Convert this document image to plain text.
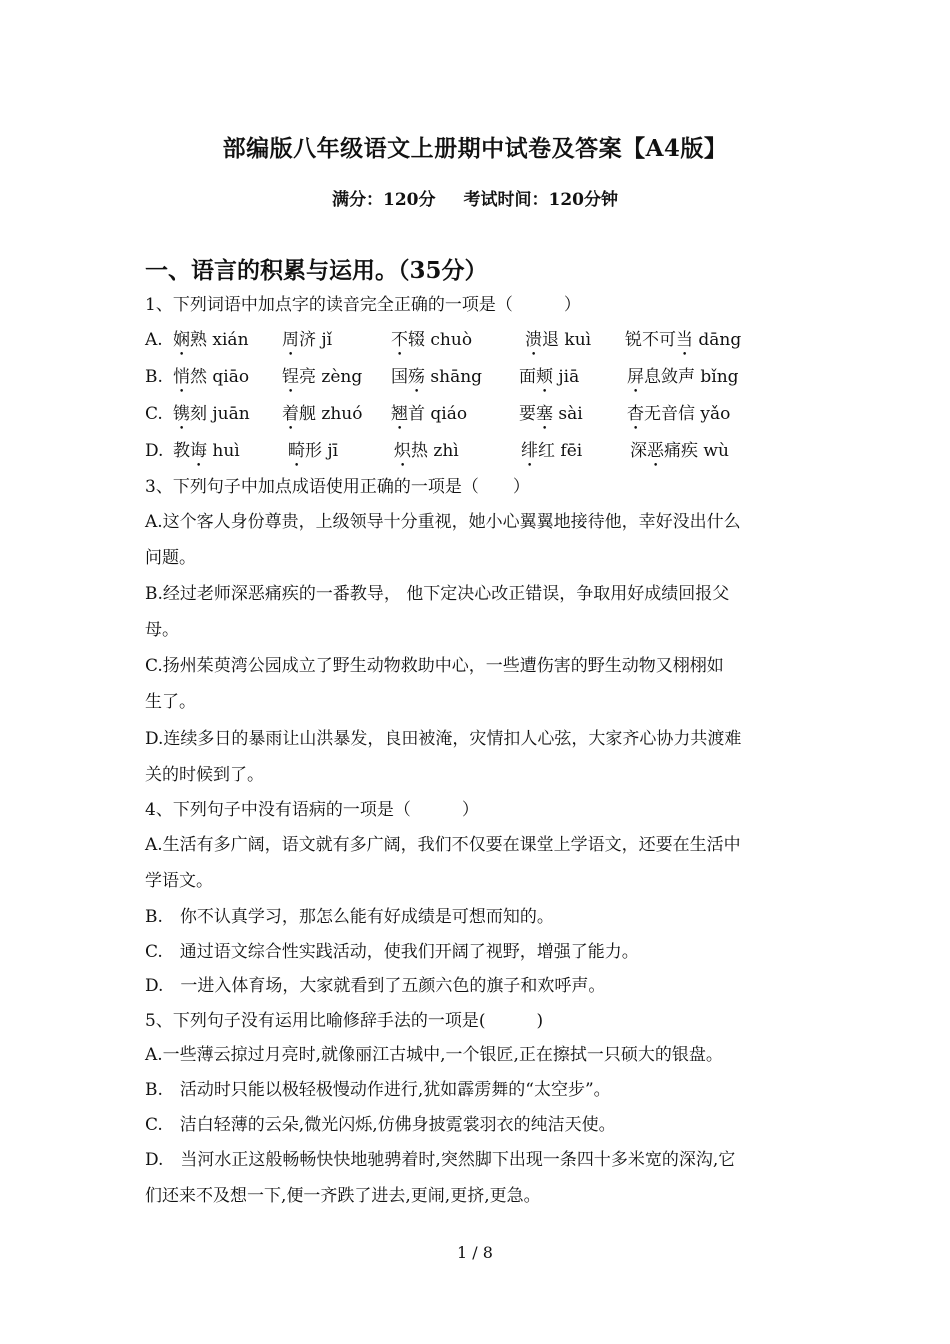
部编版八年级语文上册期中试卷及答案【A4版】
满分：120分 考试时间：120分钟
一、语言的积累与运用。（35分）
1、下列词语中加点字的读音完全正确的一项是（　　　）
A. 娴熟 xián 周济 jǐ	不辍 chuò	溃退 kuì 锐不可当 dāng
B. 悄然 qiāo 锃亮 zèng 国殇 shāng 面颊 jiā	屏息敛声 bǐng
C. 镌刻 juān 着舰 zhuó 翘首 qiáo	要塞 sài	杳无音信 yǎo
D. 教诲 huì	畸形 jī	炽热 zhì	绯红 fēi	深恶痛疾 wù
3、下列句子中加点成语使用正确的一项是（　　）
A.这个客人身份尊贵，上级领导十分重视，她小心翼翼地接待他，幸好没出什么
问题。
B.经过老师深恶痛疾的一番教导， 他下定决心改正错误，争取用好成绩回报父
母。
C.扬州茱萸湾公园成立了野生动物救助中心，一些遭伤害的野生动物又栩栩如
生了。
D.连续多日的暴雨让山洪暴发，良田被淹，灾情扣人心弦，大家齐心协力共渡难
关的时候到了。
4、下列句子中没有语病的一项是（　　　）
A.生活有多广阔，语文就有多广阔，我们不仅要在课堂上学语文，还要在生活中
学语文。
B.　你不认真学习，那怎么能有好成绩是可想而知的。
C.　通过语文综合性实践活动，使我们开阔了视野，增强了能力。
D.　一进入体育场，大家就看到了五颜六色的旗子和欢呼声。
5、下列句子没有运用比喻修辞手法的一项是(　　　)
A.一些薄云掠过月亮时,就像丽江古城中,一个银匠,正在擦拭一只硕大的银盘。
B.　活动时只能以极轻极慢动作进行,犹如霹雳舞的“太空步”。
C.　洁白轻薄的云朵,微光闪烁,仿佛身披霓裳羽衣的纯洁天使。
D.　当河水正这般畅畅快快地驰骋着时,突然脚下出现一条四十多米宽的深沟,它
们还来不及想一下,便一齐跌了进去,更闹,更挤,更急。
1 / 8
